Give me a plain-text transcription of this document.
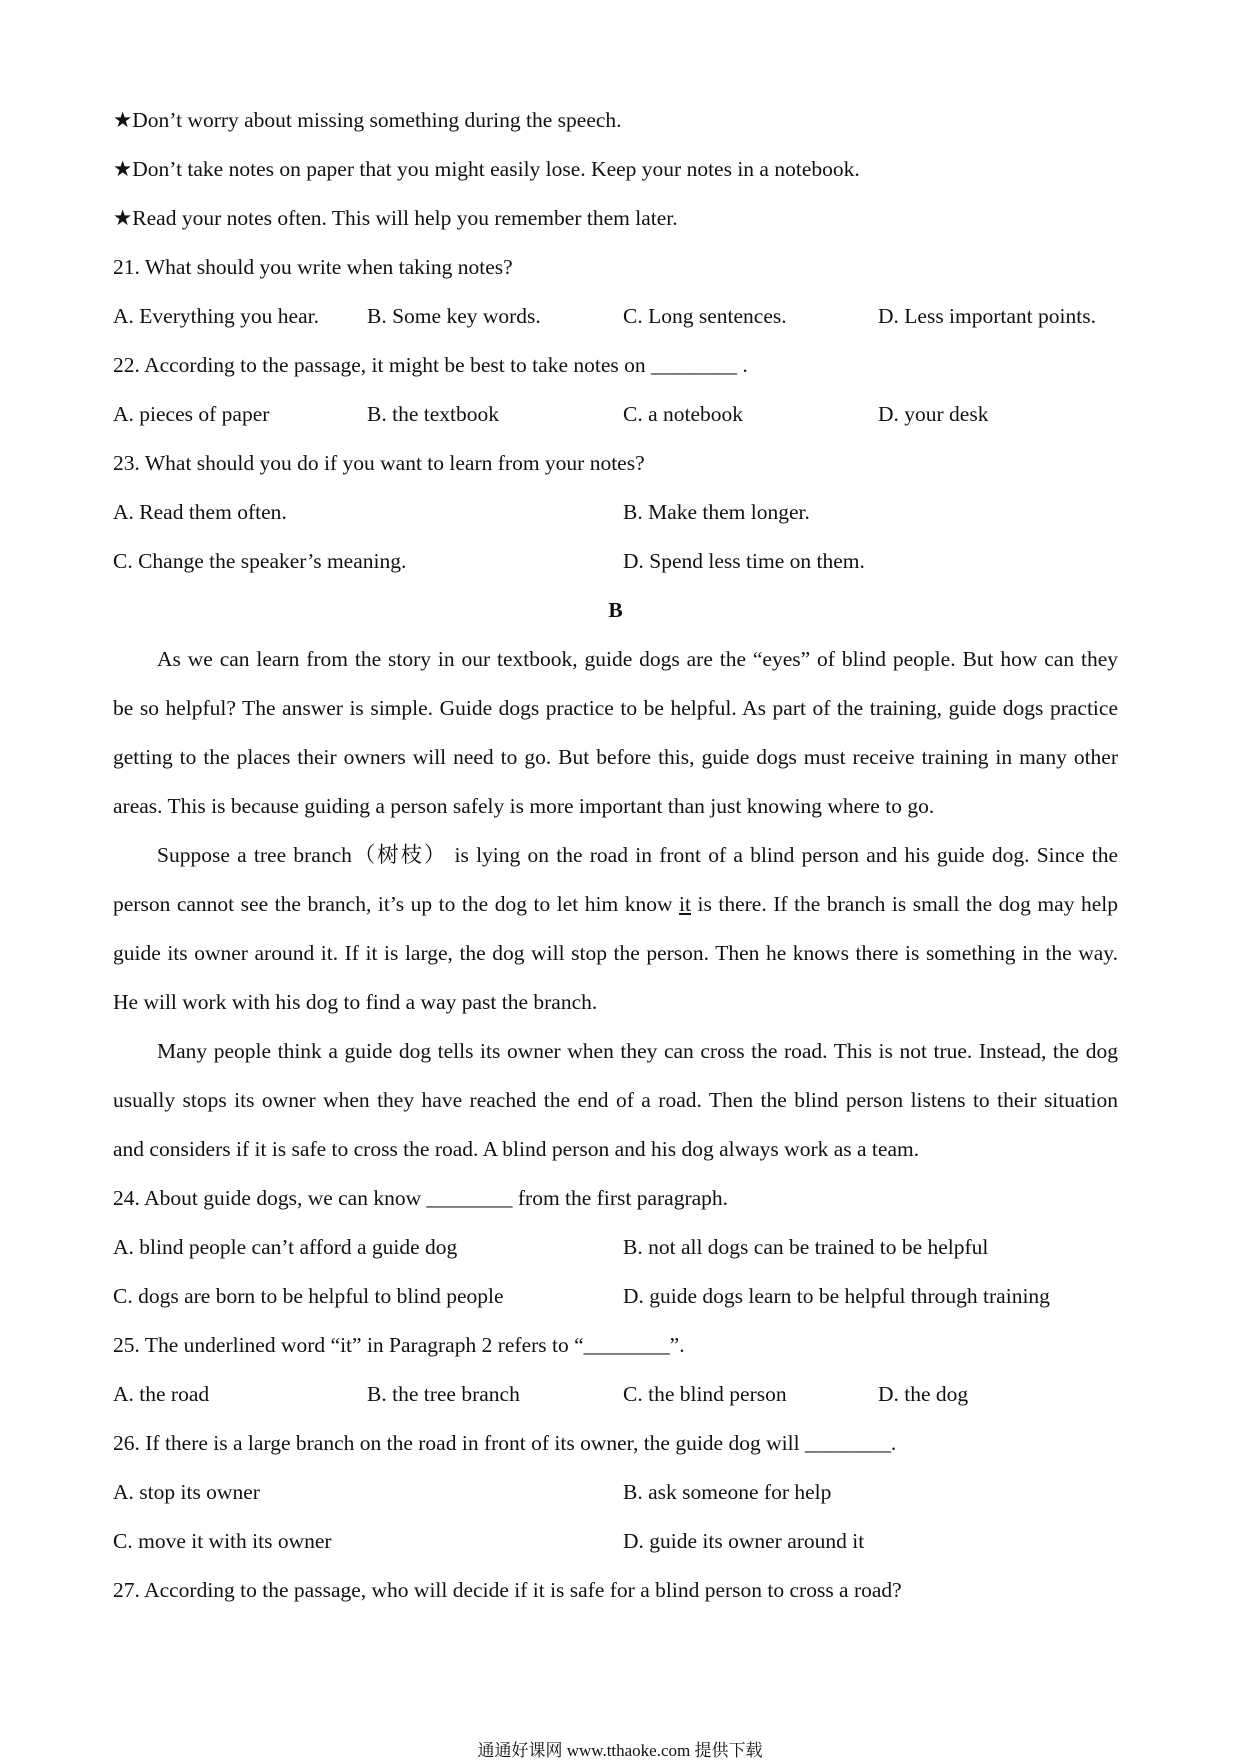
★Don’t worry about missing something during the speech.
★Don’t take notes on paper that you might easily lose. Keep your notes in a notebook.
★Read your notes often. This will help you remember them later.
21. What should you write when taking notes?
A. Everything you hear. B. Some key words.	C. Long sentences.	D. Less important points.
22. According to the passage, it might be best to take notes on ________ .
A. pieces of paper	B. the textbook	C. a notebook	D. your desk
23. What should you do if you want to learn from your notes?
A. Read them often.	B. Make them longer.
C. Change the speaker’s meaning.	D. Spend less time on them.
B
As we can learn from the story in our textbook, guide dogs are the “eyes” of blind people. But how can they
be so helpful? The answer is simple. Guide dogs practice to be helpful. As part of the training, guide dogs practice
getting to the places their owners will need to go. But before this, guide dogs must receive training in many other
areas. This is because guiding a person safely is more important than just knowing where to go.
Suppose a tree branch（树枝） is lying on the road in front of a blind person and his guide dog. Since the
person cannot see the branch, it’s up to the dog to let him know it is there. If the branch is small the dog may help
guide its owner around it. If it is large, the dog will stop the person. Then he knows there is something in the way.
He will work with his dog to find a way past the branch.
Many people think a guide dog tells its owner when they can cross the road. This is not true. Instead, the dog
usually stops its owner when they have reached the end of a road. Then the blind person listens to their situation
and considers if it is safe to cross the road. A blind person and his dog always work as a team.
24. About guide dogs, we can know ________ from the first paragraph.
A. blind people can’t afford a guide dog	B. not all dogs can be trained to be helpful
C. dogs are born to be helpful to blind people	D. guide dogs learn to be helpful through training
25. The underlined word “it” in Paragraph 2 refers to “________”.
A. the road	B. the tree branch	C. the blind person	D. the dog
26. If there is a large branch on the road in front of its owner, the guide dog will ________.
A. stop its owner	B. ask someone for help
C. move it with its owner	D. guide its owner around it
27. According to the passage, who will decide if it is safe for a blind person to cross a road?
通通好课网 www.tthaoke.com 提供下载
